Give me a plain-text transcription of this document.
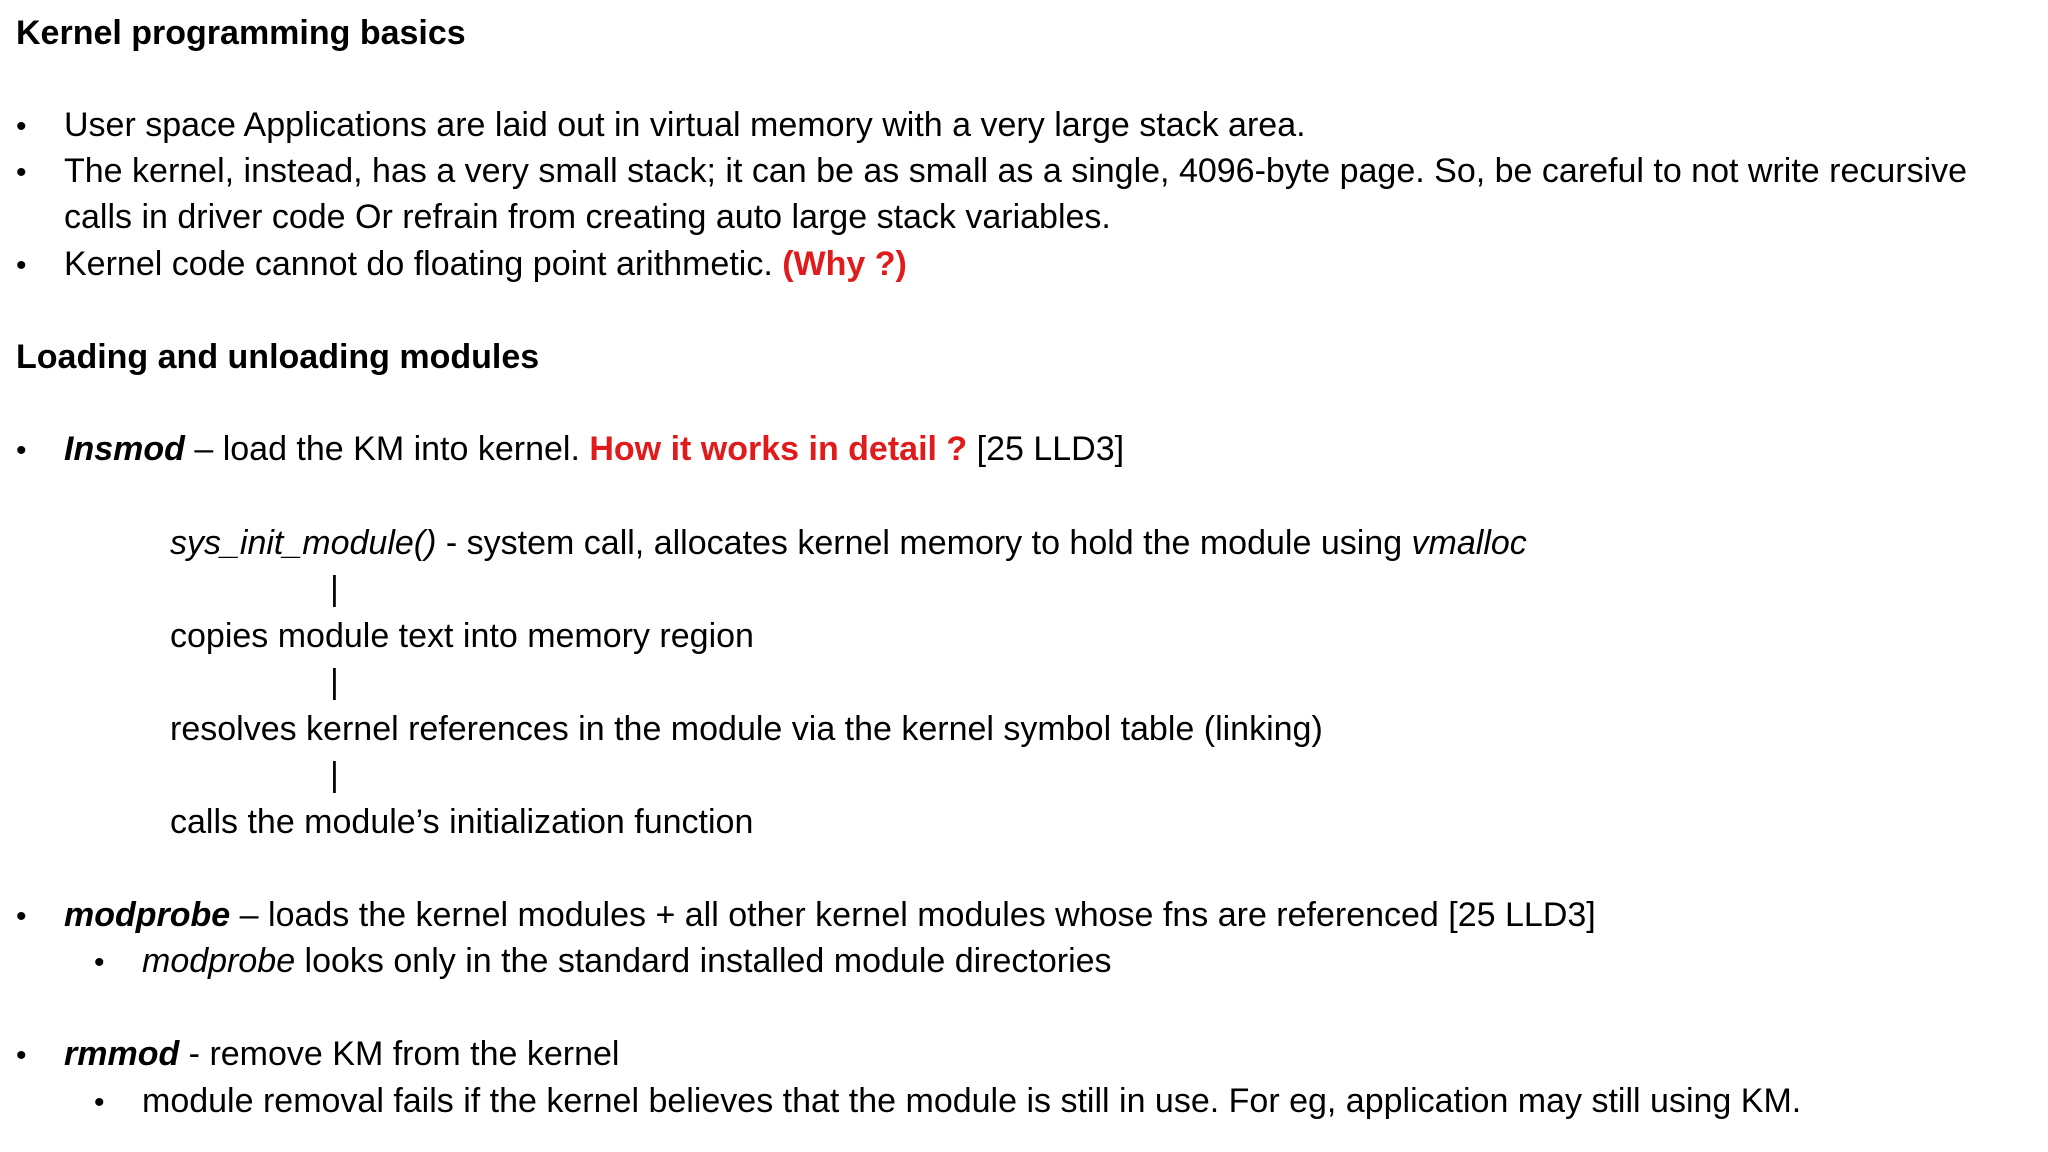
Kernel programming basics
• User space Applications are laid out in virtual memory with a very large stack area.
• The kernel, instead, has a very small stack; it can be as small as a single, 4096-byte page. So, be careful to not write recursive
calls in driver code Or refrain from creating auto large stack variables.
• Kernel code cannot do floating point arithmetic. (Why ?)
Loading and unloading modules
• Insmod – load the KM into kernel. How it works in detail ? [25 LLD3]
sys_init_module() - system call, allocates kernel memory to hold the module using vmalloc
|
copies module text into memory region
|
resolves kernel references in the module via the kernel symbol table (linking)
|
calls the module’s initialization function
• modprobe – loads the kernel modules + all other kernel modules whose fns are referenced [25 LLD3]
• modprobe looks only in the standard installed module directories
• rmmod - remove KM from the kernel
• module removal fails if the kernel believes that the module is still in use. For eg, application may still using KM.
